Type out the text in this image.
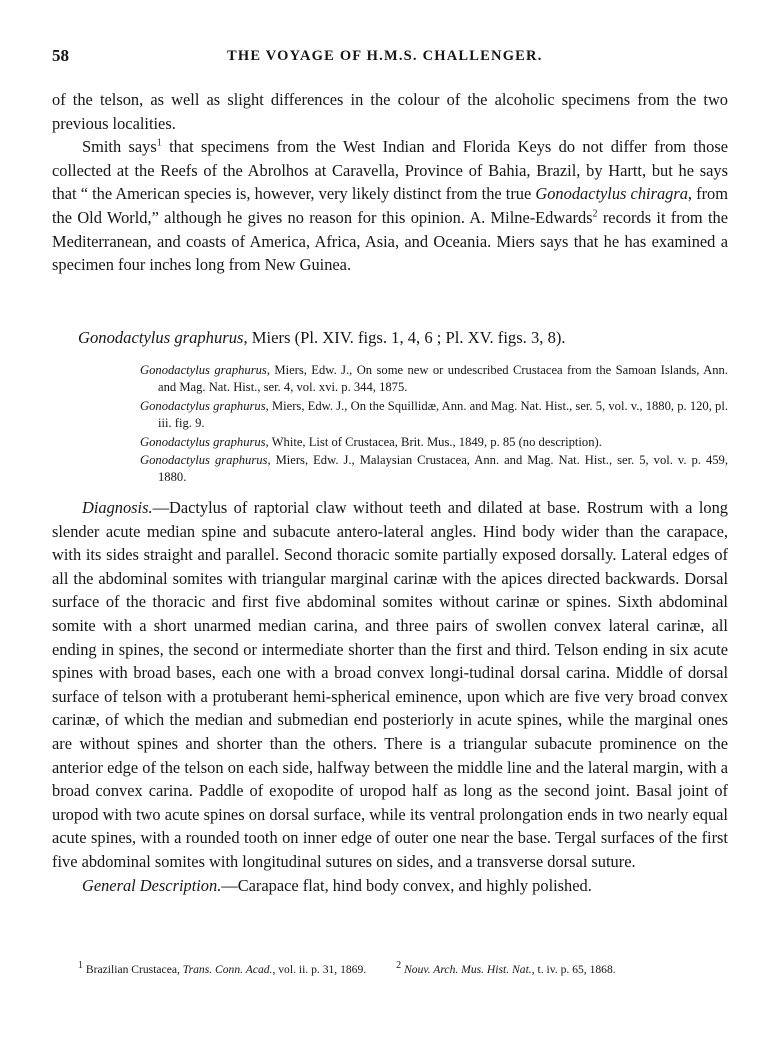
58	THE VOYAGE OF H.M.S. CHALLENGER.

of the telson, as well as slight differences in the colour of the alcoholic specimens from the two previous localities.

Smith says$^1$ that specimens from the West Indian and Florida Keys do not differ from those collected at the Reefs of the Abrolhos at Caravella, Province of Bahia, Brazil, by Hartt, but he says that “ the American species is, however, very likely distinct from the true Gonodactylus chiragra, from the Old World,” although he gives no reason for this opinion. A. Milne-Edwards$^2$ records it from the Mediterranean, and coasts of America, Africa, Asia, and Oceania. Miers says that he has examined a specimen four inches long from New Guinea.

Gonodactylus graphurus, Miers (Pl. XIV. figs. 1, 4, 6 ; Pl. XV. figs. 3, 8).

Gonodactylus graphurus, Miers, Edw. J., On some new or undescribed Crustacea from the Samoan Islands, Ann. and Mag. Nat. Hist., ser. 4, vol. xvi. p. 344, 1875.

Gonodactylus graphurus, Miers, Edw. J., On the Squillidæ, Ann. and Mag. Nat. Hist., ser. 5, vol. v., 1880, p. 120, pl. iii. fig. 9.

Gonodactylus graphurus, White, List of Crustacea, Brit. Mus., 1849, p. 85 (no description).

Gonodactylus graphurus, Miers, Edw. J., Malaysian Crustacea, Ann. and Mag. Nat. Hist., ser. 5, vol. v. p. 459, 1880.

Diagnosis.—Dactylus of raptorial claw without teeth and dilated at base. Rostrum with a long slender acute median spine and subacute antero-lateral angles. Hind body wider than the carapace, with its sides straight and parallel. Second thoracic somite partially exposed dorsally. Lateral edges of all the abdominal somites with triangular marginal carinæ with the apices directed backwards. Dorsal surface of the thoracic and first five abdominal somites without carinæ or spines. Sixth abdominal somite with a short unarmed median carina, and three pairs of swollen convex lateral carinæ, all ending in spines, the second or intermediate shorter than the first and third. Telson ending in six acute spines with broad bases, each one with a broad convex longi-tudinal dorsal carina. Middle of dorsal surface of telson with a protuberant hemi-spherical eminence, upon which are five very broad convex carinæ, of which the median and submedian end posteriorly in acute spines, while the marginal ones are without spines and shorter than the others. There is a triangular subacute prominence on the anterior edge of the telson on each side, halfway between the middle line and the lateral margin, with a broad convex carina. Paddle of exopodite of uropod half as long as the second joint. Basal joint of uropod with two acute spines on dorsal surface, while its ventral prolongation ends in two nearly equal acute spines, with a rounded tooth on inner edge of outer one near the base. Tergal surfaces of the first five abdominal somites with longitudinal sutures on sides, and a transverse dorsal suture.

General Description.—Carapace flat, hind body convex, and highly polished.

$^1$ Brazilian Crustacea, Trans. Conn. Acad., vol. ii. p. 31, 1869.	$^2$ Nouv. Arch. Mus. Hist. Nat., t. iv. p. 65, 1868.
